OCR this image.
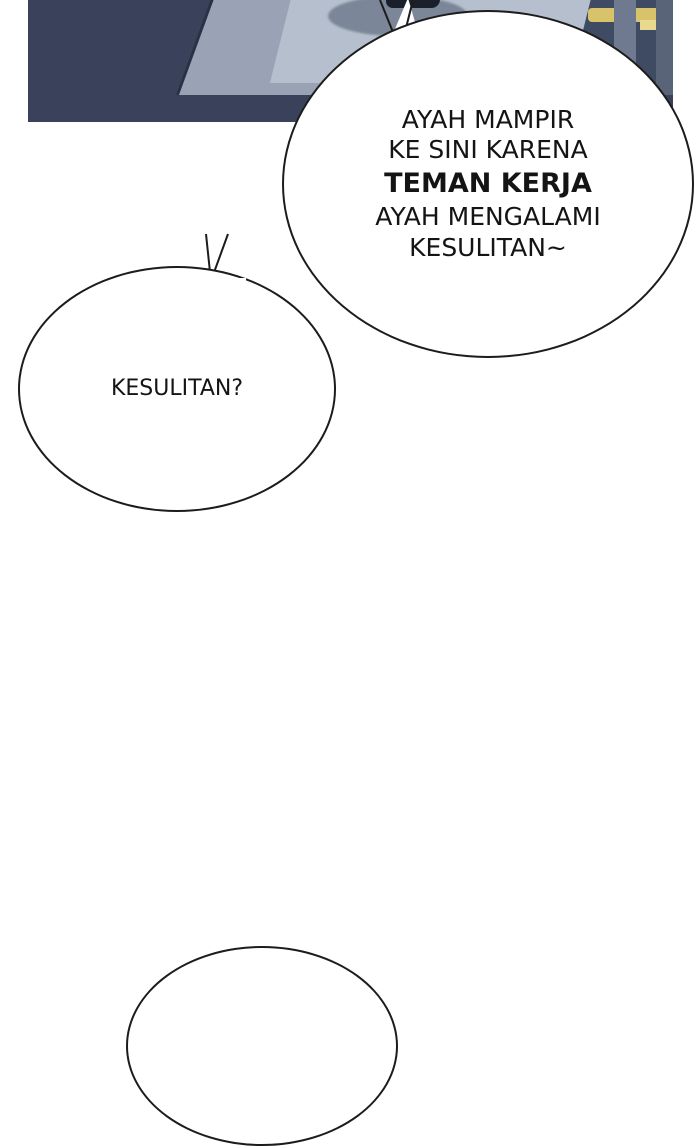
AYAH MAMPIR
KE SINI KARENA
TEMAN KERJA
AYAH MENGALAMI
KESULITAN~
KESULITAN?
